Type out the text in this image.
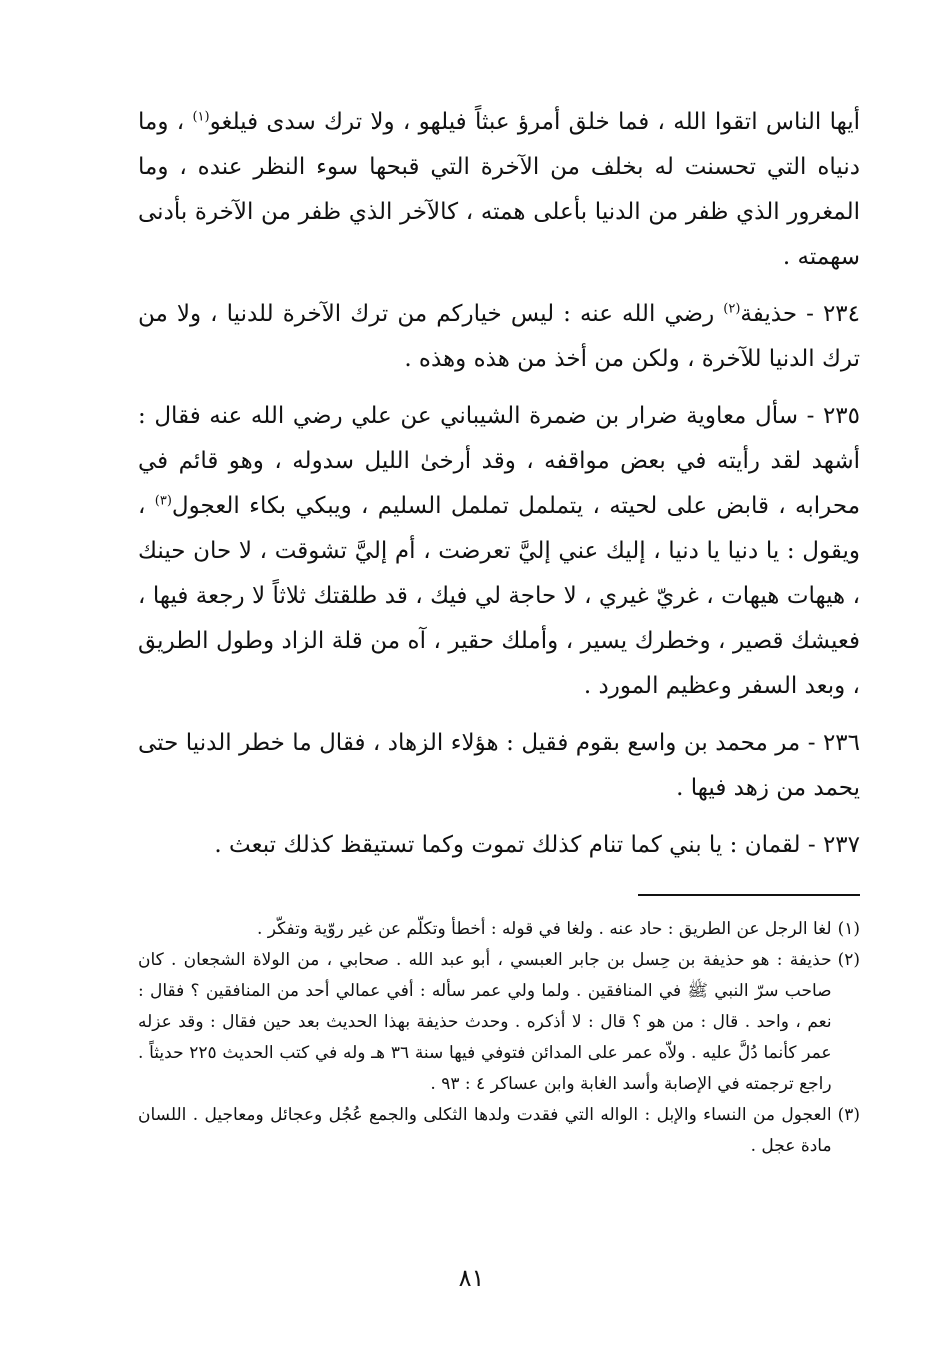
أيها الناس اتقوا الله ، فما خلق أمرؤ عبثاً فيلهو ، ولا ترك سدى فيلغو$^{(١)}$ ، وما دنياه التي تحسنت له بخلف من الآخرة التي قبحها سوء النظر عنده ، وما المغرور الذي ظفر من الدنيا بأعلى همته ، كالآخر الذي ظفر من الآخرة بأدنى سهمته .

٢٣٤ - حذيفة$^{(٢)}$ رضي الله عنه : ليس خياركم من ترك الآخرة للدنيا ، ولا من ترك الدنيا للآخرة ، ولكن من أخذ من هذه وهذه .

٢٣٥ - سأل معاوية ضرار بن ضمرة الشيباني عن علي رضي الله عنه فقال : أشهد لقد رأيته في بعض مواقفه ، وقد أرخىٰ الليل سدوله ، وهو قائم في محرابه ، قابض على لحيته ، يتململ تململ السليم ، ويبكي بكاء العجول$^{(٣)}$ ، ويقول : يا دنيا يا دنيا ، إليك عني إليَّ تعرضت ، أم إليَّ تشوقت ، لا حان حينك ، هيهات هيهات ، غريّ غيري ، لا حاجة لي فيك ، قد طلقتك ثلاثاً لا رجعة فيها ، فعيشك قصير ، وخطرك يسير ، وأملك حقير ، آه من قلة الزاد وطول الطريق ، وبعد السفر وعظيم المورد .

٢٣٦ - مر محمد بن واسع بقوم فقيل : هؤلاء الزهاد ، فقال ما خطر الدنيا حتى يحمد من زهد فيها .

٢٣٧ - لقمان : يا بني كما تنام كذلك تموت وكما تستيقظ كذلك تبعث .

(١)
لغا الرجل عن الطريق : حاد عنه . ولغا في قوله : أخطأ وتكلّم عن غير روّية وتفكّر .
(٢)
حذيفة : هو حذيفة بن حِسل بن جابر العبسي ، أبو عبد الله . صحابي ، من الولاة الشجعان . كان صاحب سرّ النبي ﷺ في المنافقين . ولما ولي عمر سأله : أفي عمالي أحد من المنافقين ؟ فقال : نعم ، واحد . قال : من هو ؟ قال : لا أذكره . وحدث حذيفة بهذا الحديث بعد حين فقال : وقد عزله عمر كأنما دُلَّ عليه . ولاّه عمر على المدائن فتوفي فيها سنة ٣٦ هـ وله في كتب الحديث ٢٢٥ حديثاً . راجع ترجمته في الإصابة وأسد الغابة وابن عساكر ٤ : ٩٣ .
(٣)
العجول من النساء والإبل : الواله التي فقدت ولدها الثكلى والجمع عُجُل وعجائل ومعاجيل . اللسان مادة عجل .
٨١
